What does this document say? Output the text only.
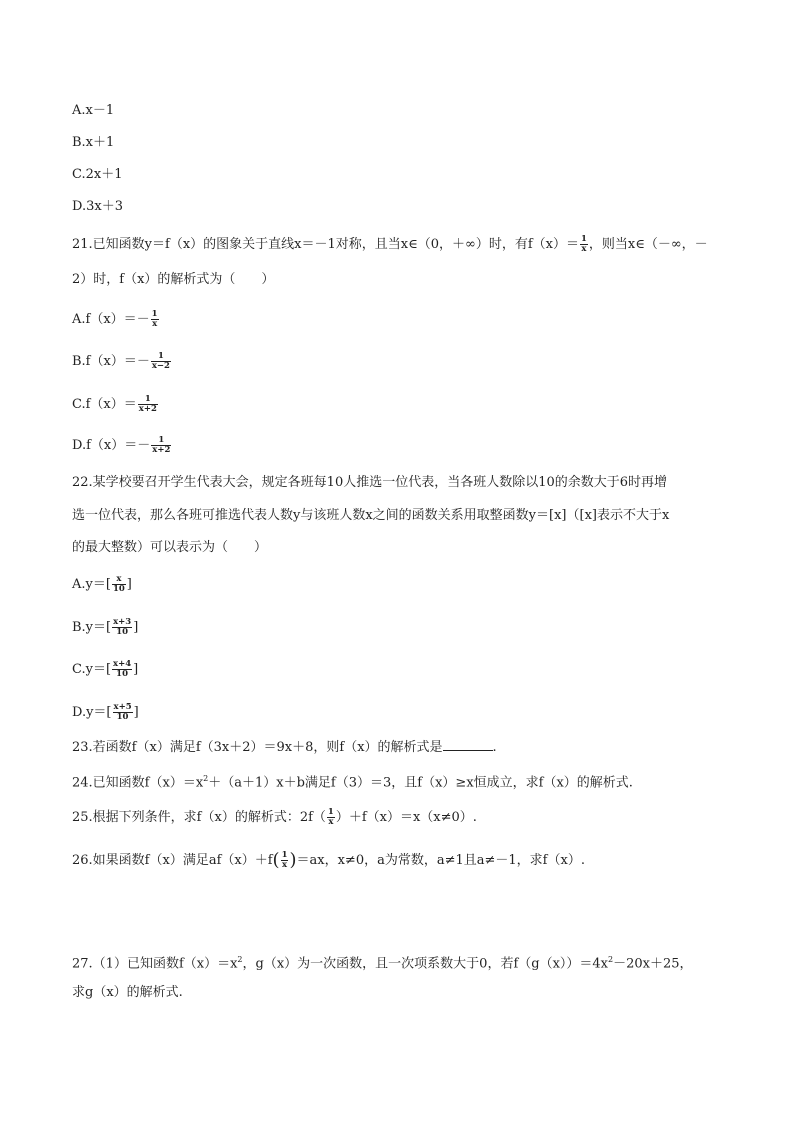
A.x－1
B.x＋1
C.2x＋1
D.3x＋3
21.已知函数y＝f（x）的图象关于直线x＝－1对称，且当x∈（0，＋∞）时，有$f(x)= \frac{1}{x}$ ，则当x∈（－∞，－
2）时，f（x）的解析式为（　　）
$A.f(x)=- \frac{1}{x}$
$B.f(x)=- \frac{1}{x-2}$
$C.f(x)= \frac{1}{x+2}$
$D.f(x)=- \frac{1}{x+2}$
22.某学校要召开学生代表大会，规定各班每10人推选一位代表，当各班人数除以10的余数大于6时再增
选一位代表，那么各班可推选代表人数y与该班人数x之间的函数关系用取整函数y＝[x]（[x]表示不大于x
的最大整数）可以表示为（　　）
$A.y=[ \frac{x}{10}$ ]
$B.y=[ \frac{x+3}{10}$ ]
$C.y=[ \frac{x+4}{10}$ ]
$D.y=[ \frac{x+5}{10}$ ]
23.若函数f（x）满足f（3x＋2）＝9x＋8，则f（x）的解析式是	.
24.已知函数$f(x)=x^2+(a+1)x+b$满足f（3）＝3，且f（x）≥x恒成立，求f（x）的解析式.
25.根据下列条件，求f（x）的解析式：$2f( \frac{1}{x} )+f(x)=x(x\ne 0)$.
26.如果函数f（x）满足$af(x)+f( \frac{1}{x} )=ax$，x≠0，a为常数，a≠1且a≠－1，求f（x）.
27.（1）已知函数$f(x)=x^2$，g（x）为一次函数，且一次项系数大于0，若$f(g(x))=4x^2-20x+25$，
求g（x）的解析式.
